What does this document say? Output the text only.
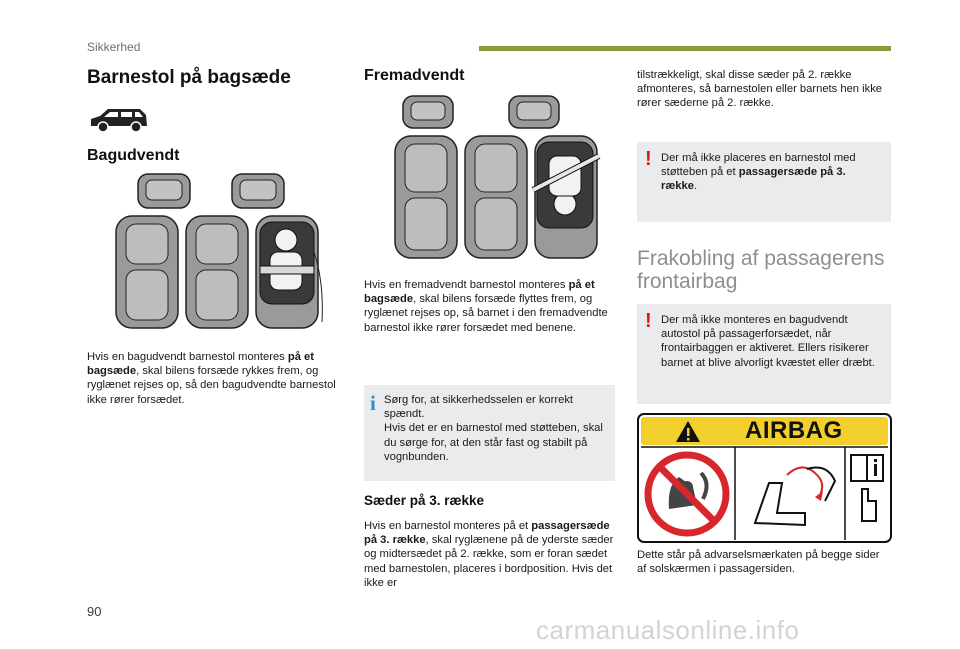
Sikkerhed
Barnestol på bagsæde
Bagudvendt
Hvis en bagudvendt barnestol monteres på et bagsæde, skal bilens forsæde rykkes frem, og ryglænet rejses op, så den bagudvendte barnestol ikke rører forsædet.
Fremadvendt
Hvis en fremadvendt barnestol monteres på et bagsæde, skal bilens forsæde flyttes frem, og ryglænet rejses op, så barnet i den fremadvendte barnestol ikke rører forsædet med benene.
i Sørg for, at sikkerhedsselen er korrekt spændt.
Hvis det er en barnestol med støtteben, skal du sørge for, at den står fast og stabilt på vognbunden.
Sæder på 3. række
Hvis en barnestol monteres på et passagersæde på 3. række, skal ryglænene på de yderste sæder og midtersædet på 2. række, som er foran sædet med barnestolen, placeres i bordposition. Hvis det ikke er
tilstrækkeligt, skal disse sæder på 2. række afmonteres, så barnestolen eller barnets hen ikke rører sæderne på 2. række.
! Der må ikke placeres en barnestol med støtteben på et passagersæde på 3. række.
Frakobling af passagerens frontairbag
! Der må ikke monteres en bagudvendt autostol på passagerforsædet, når frontairbaggen er aktiveret. Ellers risikerer barnet at blive alvorligt kvæstet eller dræbt.
AIRBAG
Dette står på advarselsmærkaten på begge sider af solskærmen i passagersiden.
90
carmanualsonline.info
